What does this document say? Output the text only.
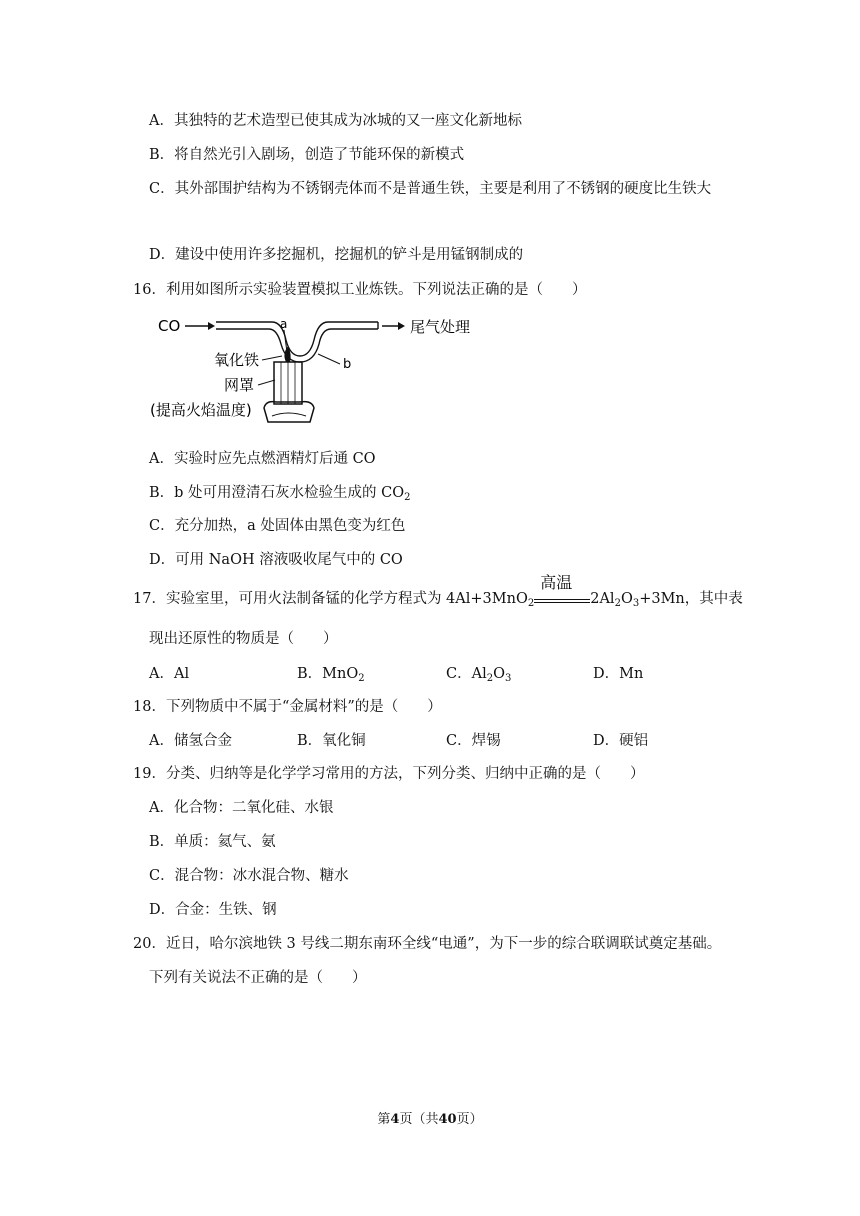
A．其独特的艺术造型已使其成为冰城的又一座文化新地标
B．将自然光引入剧场，创造了节能环保的新模式
C．其外部围护结构为不锈钢壳体而不是普通生铁，主要是利用了不锈钢的硬度比生铁大
D．建设中使用许多挖掘机，挖掘机的铲斗是用锰钢制成的
16．利用如图所示实验装置模拟工业炼铁。下列说法正确的是（　　）
CO	a
b
尾气处理
氧化铁
网罩
(提高火焰温度)
A．实验时应先点燃酒精灯后通 CO
B．b 处可用澄清石灰水检验生成的 $CO_2$
C．充分加热，a 处固体由黑色变为红色
D．可用 NaOH 溶液吸收尾气中的 CO
17．实验室里，可用火法制备锰的化学方程式为 4Al+3MnO$_2$
高温
$2Al_2O_3+3Mn$，其中表
现出还原性的物质是（　　）
A．Al	B．MnO$_2$	C．$Al_2O_3$	D．Mn
18．下列物质中不属于“金属材料”的是（　　）
A．储氢合金	B．氧化铜	C．焊锡	D．硬铝
19．分类、归纳等是化学学习常用的方法，下列分类、归纳中正确的是（　　）
A．化合物：二氧化硅、水银
B．单质：氦气、氨
C．混合物：冰水混合物、糖水
D．合金：生铁、钢
20．近日，哈尔滨地铁 3 号线二期东南环全线“电通”，为下一步的综合联调联试奠定基础。
下列有关说法不正确的是（　　）
第4页（共40页）
